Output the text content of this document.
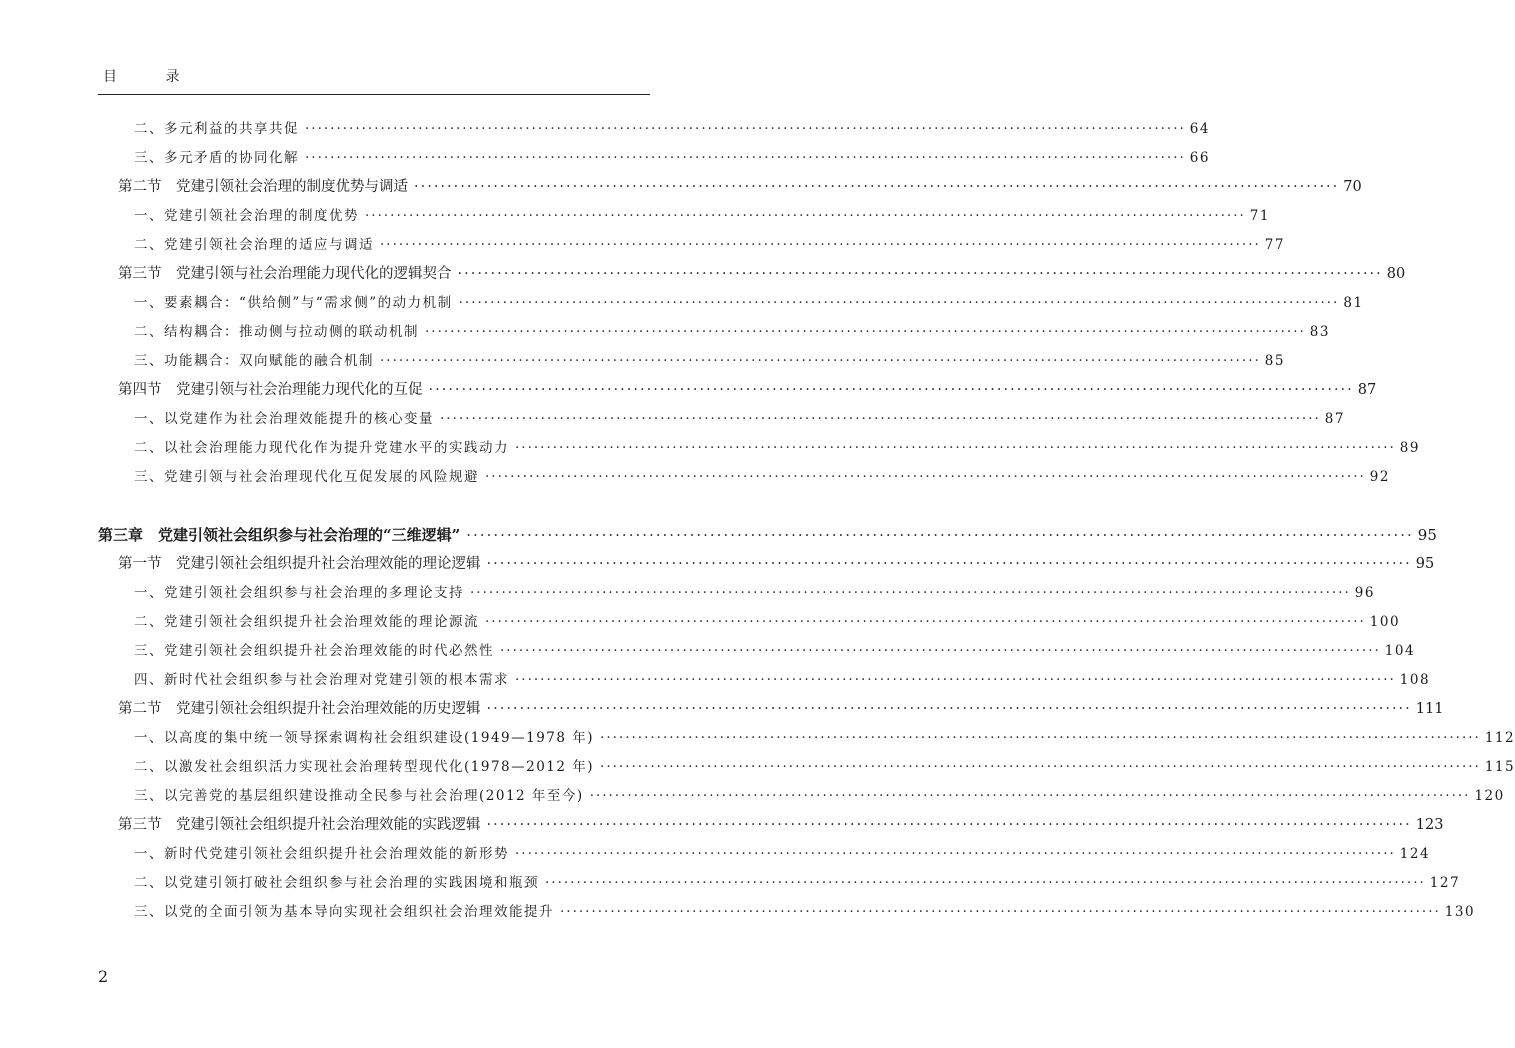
目 录
二、多元利益的共享共促 ············································································································································ 64
三、多元矛盾的协同化解 ············································································································································ 66
第二节　党建引领社会治理的制度优势与调适 ············································································································································ 70
一、党建引领社会治理的制度优势 ············································································································································ 71
二、党建引领社会治理的适应与调适 ············································································································································ 77
第三节　党建引领与社会治理能力现代化的逻辑契合 ············································································································································ 80
一、要素耦合：“供给侧”与“需求侧”的动力机制 ············································································································································ 81
二、结构耦合：推动侧与拉动侧的联动机制 ············································································································································ 83
三、功能耦合：双向赋能的融合机制 ············································································································································ 85
第四节　党建引领与社会治理能力现代化的互促 ············································································································································ 87
一、以党建作为社会治理效能提升的核心变量 ············································································································································ 87
二、以社会治理能力现代化作为提升党建水平的实践动力 ············································································································································ 89
三、党建引领与社会治理现代化互促发展的风险规避 ············································································································································ 92
第三章　党建引领社会组织参与社会治理的“三维逻辑” ············································································································································ 95
第一节　党建引领社会组织提升社会治理效能的理论逻辑 ············································································································································ 95
一、党建引领社会组织参与社会治理的多理论支持 ············································································································································ 96
二、党建引领社会组织提升社会治理效能的理论源流 ············································································································································ 100
三、党建引领社会组织提升社会治理效能的时代必然性 ············································································································································ 104
四、新时代社会组织参与社会治理对党建引领的根本需求 ············································································································································ 108
第二节　党建引领社会组织提升社会治理效能的历史逻辑 ············································································································································ 111
一、以高度的集中统一领导探索调构社会组织建设(1949—1978 年) ············································································································································ 112
二、以激发社会组织活力实现社会治理转型现代化(1978—2012 年) ············································································································································ 115
三、以完善党的基层组织建设推动全民参与社会治理(2012 年至今) ············································································································································ 120
第三节　党建引领社会组织提升社会治理效能的实践逻辑 ············································································································································ 123
一、新时代党建引领社会组织提升社会治理效能的新形势 ············································································································································ 124
二、以党建引领打破社会组织参与社会治理的实践困境和瓶颈 ············································································································································ 127
三、以党的全面引领为基本导向实现社会组织社会治理效能提升 ············································································································································ 130
2
